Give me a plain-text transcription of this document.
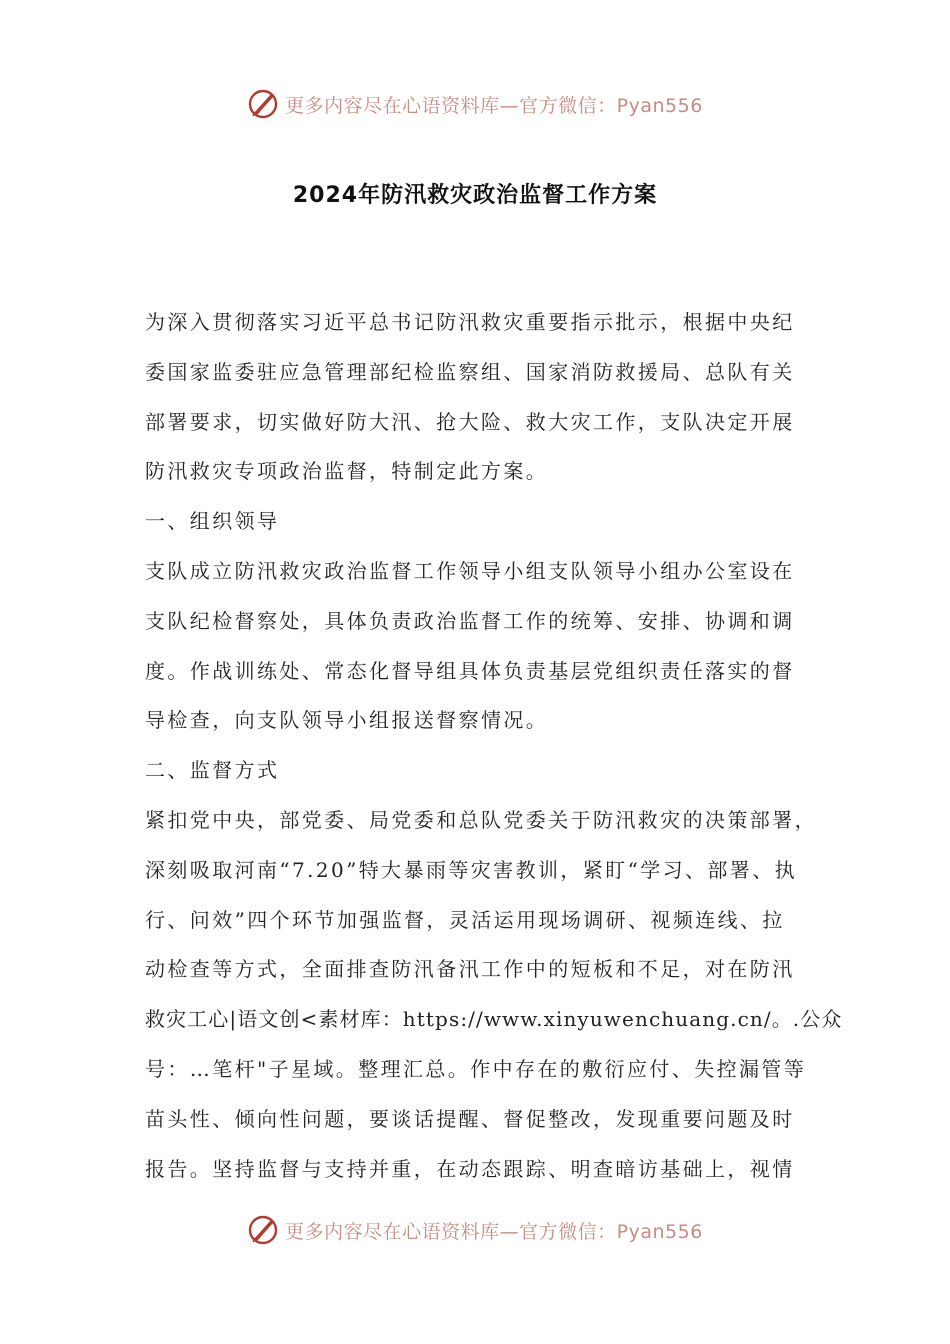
更多内容尽在心语资料库—官方微信：Pyan556
2024年防汛救灾政治监督工作方案
为深入贯彻落实习近平总书记防汛救灾重要指示批示，根据中央纪
委国家监委驻应急管理部纪检监察组、国家消防救援局、总队有关
部署要求，切实做好防大汛、抢大险、救大灾工作，支队决定开展
防汛救灾专项政治监督，特制定此方案。
一、组织领导
支队成立防汛救灾政治监督工作领导小组支队领导小组办公室设在
支队纪检督察处，具体负责政治监督工作的统筹、安排、协调和调
度。作战训练处、常态化督导组具体负责基层党组织责任落实的督
导检查，向支队领导小组报送督察情况。
二、监督方式
紧扣党中央，部党委、局党委和总队党委关于防汛救灾的决策部署，
深刻吸取河南“7.20”特大暴雨等灾害教训，紧盯“学习、部署、执
行、问效”四个环节加强监督，灵活运用现场调研、视频连线、拉
动检查等方式，全面排查防汛备汛工作中的短板和不足，对在防汛
救灾工心|语文创<素材库：https://www.xinyuwenchuang.cn/。.公众
号：…笔杆"子星域。整理汇总。作中存在的敷衍应付、失控漏管等
苗头性、倾向性问题，要谈话提醒、督促整改，发现重要问题及时
报告。坚持监督与支持并重，在动态跟踪、明查暗访基础上，视情
更多内容尽在心语资料库—官方微信：Pyan556
